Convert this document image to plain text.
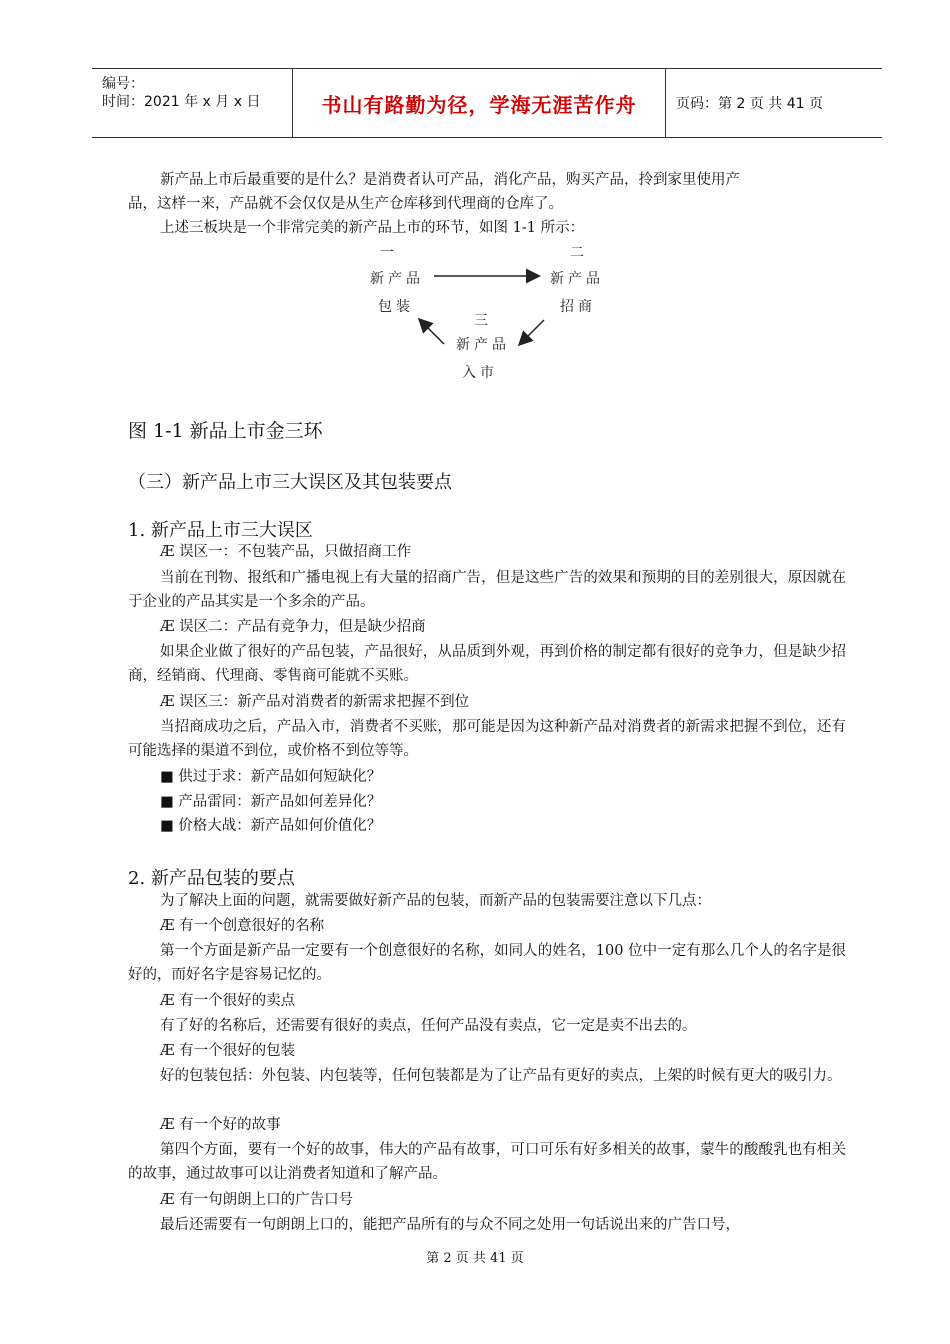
编号：
时间：2021 年 x 月 x 日	书山有路勤为径，学海无涯苦作舟	页码：第 2 页 共 41 页
新产品上市后最重要的是什么？是消费者认可产品，消化产品，购买产品，拎到家里使用产
品，这样一来，产品就不会仅仅是从生产仓库移到代理商的仓库了。
上述三板块是一个非常完美的新产品上市的环节，如图 1-1 所示：
一
新产品
包装
二
新产品
招商
三
新产品
入市
图 1-1 新品上市金三环
（三）新产品上市三大误区及其包装要点
1. 新产品上市三大误区
Æ 误区一：不包装产品，只做招商工作
当前在刊物、报纸和广播电视上有大量的招商广告，但是这些广告的效果和预期的目的差别很大，原因就在于企业的产品其实是一个多余的产品。
Æ 误区二：产品有竞争力，但是缺少招商
如果企业做了很好的产品包装，产品很好，从品质到外观，再到价格的制定都有很好的竞争力，但是缺少招商，经销商、代理商、零售商可能就不买账。
Æ 误区三：新产品对消费者的新需求把握不到位
当招商成功之后，产品入市，消费者不买账，那可能是因为这种新产品对消费者的新需求把握不到位，还有可能选择的渠道不到位，或价格不到位等等。
■ 供过于求：新产品如何短缺化？
■ 产品雷同：新产品如何差异化？
■ 价格大战：新产品如何价值化？
2. 新产品包装的要点
为了解决上面的问题，就需要做好新产品的包装，而新产品的包装需要注意以下几点：
Æ 有一个创意很好的名称
第一个方面是新产品一定要有一个创意很好的名称，如同人的姓名，100 位中一定有那么几个人的名字是很好的，而好名字是容易记忆的。
Æ 有一个很好的卖点
有了好的名称后，还需要有很好的卖点，任何产品没有卖点，它一定是卖不出去的。
Æ 有一个很好的包装
好的包装包括：外包装、内包装等，任何包装都是为了让产品有更好的卖点，上架的时候有更大的吸引力。
Æ 有一个好的故事
第四个方面，要有一个好的故事，伟大的产品有故事，可口可乐有好多相关的故事，蒙牛的酸酸乳也有相关的故事，通过故事可以让消费者知道和了解产品。
Æ 有一句朗朗上口的广告口号
最后还需要有一句朗朗上口的，能把产品所有的与众不同之处用一句话说出来的广告口号，
第 2 页 共 41 页
